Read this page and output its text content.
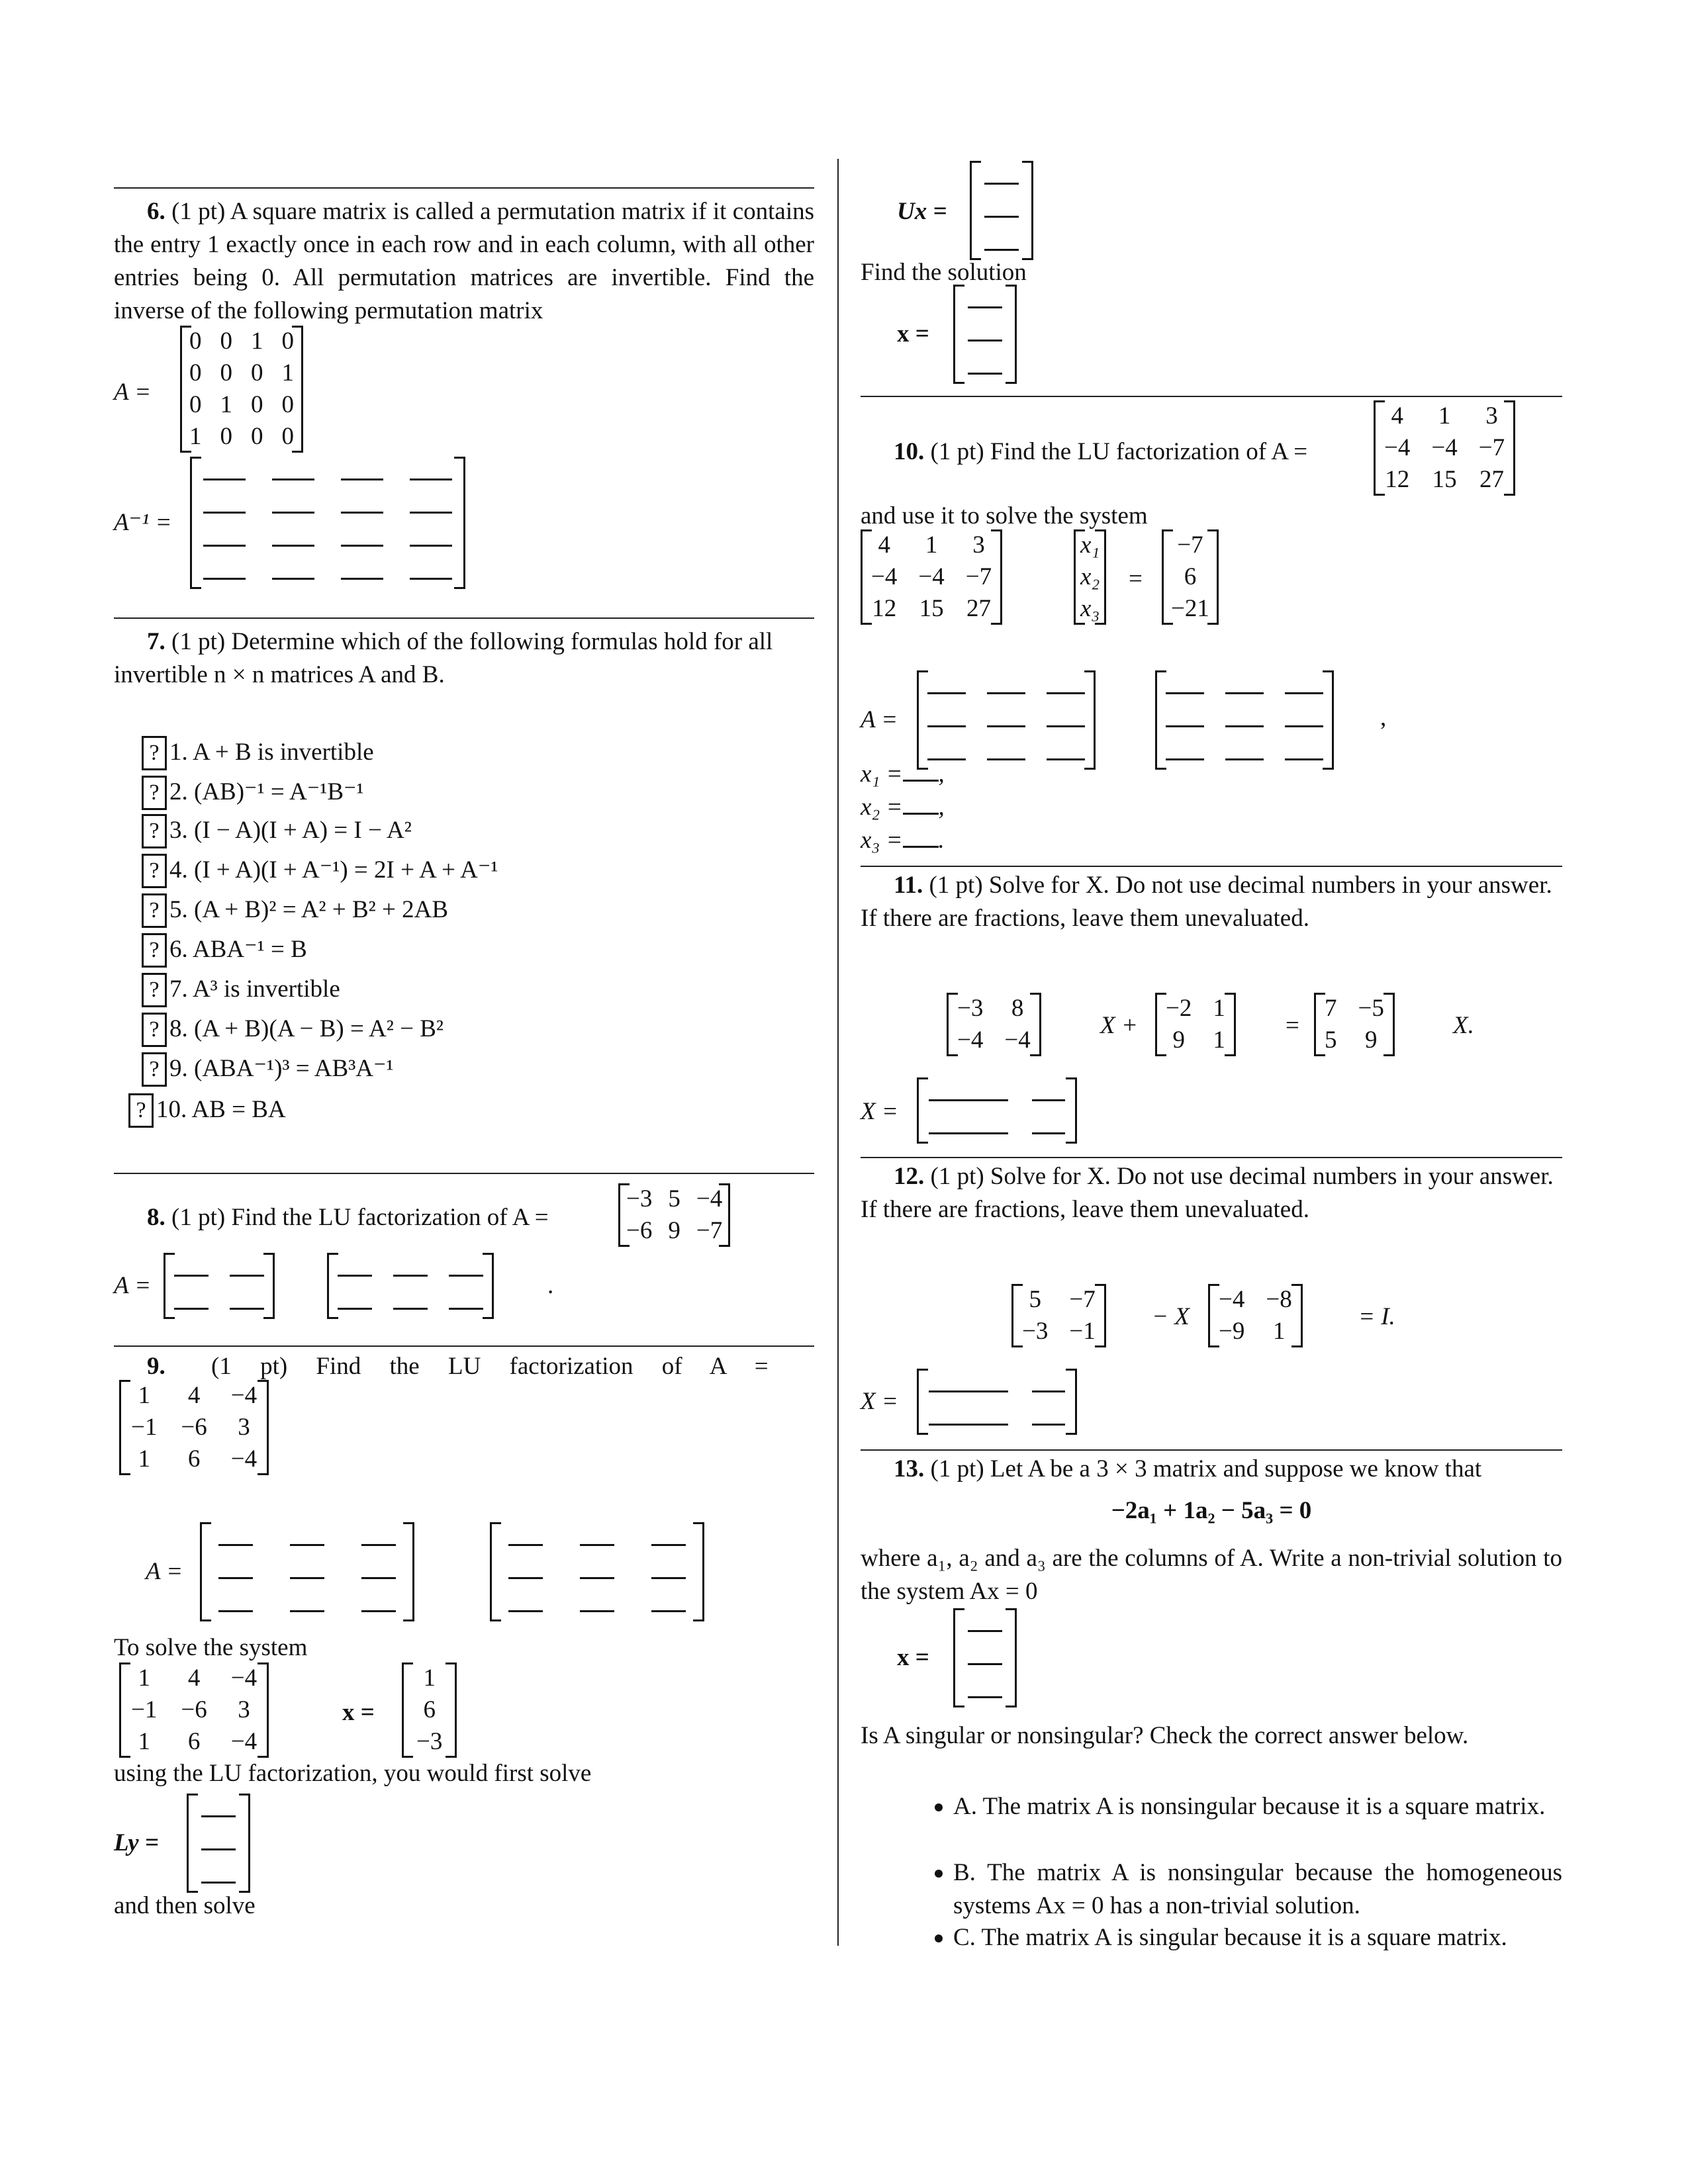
6. (1 pt) A square matrix is called a permutation matrix if it contains the entry 1 exactly once in each row and in each column, with all other entries being 0. All permutation matrices are invertible. Find the inverse of the following permutation matrix
A =
0	0	1	0
0	0	0	1
0	1	0	0
1	0	0	0
A⁻¹ =

7. (1 pt) Determine which of the following formulas hold for all invertible n × n matrices A and B.
? 1. A + B is invertible
? 2. (AB)⁻¹ = A⁻¹B⁻¹
? 3. (I − A)(I + A) = I − A²
? 4. (I + A)(I + A⁻¹) = 2I + A + A⁻¹
? 5. (A + B)² = A² + B² + 2AB
? 6. ABA⁻¹ = B
? 7. A³ is invertible
? 8. (A + B)(A − B) = A² − B²
? 9. (ABA⁻¹)³ = AB³A⁻¹
? 10. AB = BA
8. (1 pt) Find the LU factorization of A =
−3	5	−4
−6	9	−7
A =

			.
9. (1 pt) Find the LU factorization of A =
1	4	−4
−1	−6	3
1	6	−4
A =

To solve the system
1	4	−4
−1	−6	3
1	6	−4
x =
1
6
−3
using the LU factorization, you would first solve
Ly =

and then solve
Ux =

Find the solution
x =

10. (1 pt) Find the LU factorization of A =
4	1	3
−4	−4	−7
12	15	27
and use it to solve the system
4	1	3
−4	−4	−7
12	15	27
x₁
x₂
x₃
=
−7
6
−21
A =

			,
x₁ = ,
x₂ = ,
x₃ = .
11. (1 pt) Solve for X. Do not use decimal numbers in your answer. If there are fractions, leave them unevaluated.
−3	8
−4	−4
X +
−2	1
9	1
=
7	−5
5	9
X.
X =

12. (1 pt) Solve for X. Do not use decimal numbers in your answer. If there are fractions, leave them unevaluated.
5	−7
−3	−1
− X
−4	−8
−9	1
= I.
X =

13. (1 pt) Let A be a 3 × 3 matrix and suppose we know that
−2a₁ + 1a₂ − 5a₃ = 0
where a₁, a₂ and a₃ are the columns of A. Write a non-trivial solution to the system Ax = 0
x =

Is A singular or nonsingular? Check the correct answer below.
A. The matrix A is nonsingular because it is a square matrix.
B. The matrix A is nonsingular because the homogeneous systems Ax = 0 has a non-trivial solution.
C. The matrix A is singular because it is a square matrix.
